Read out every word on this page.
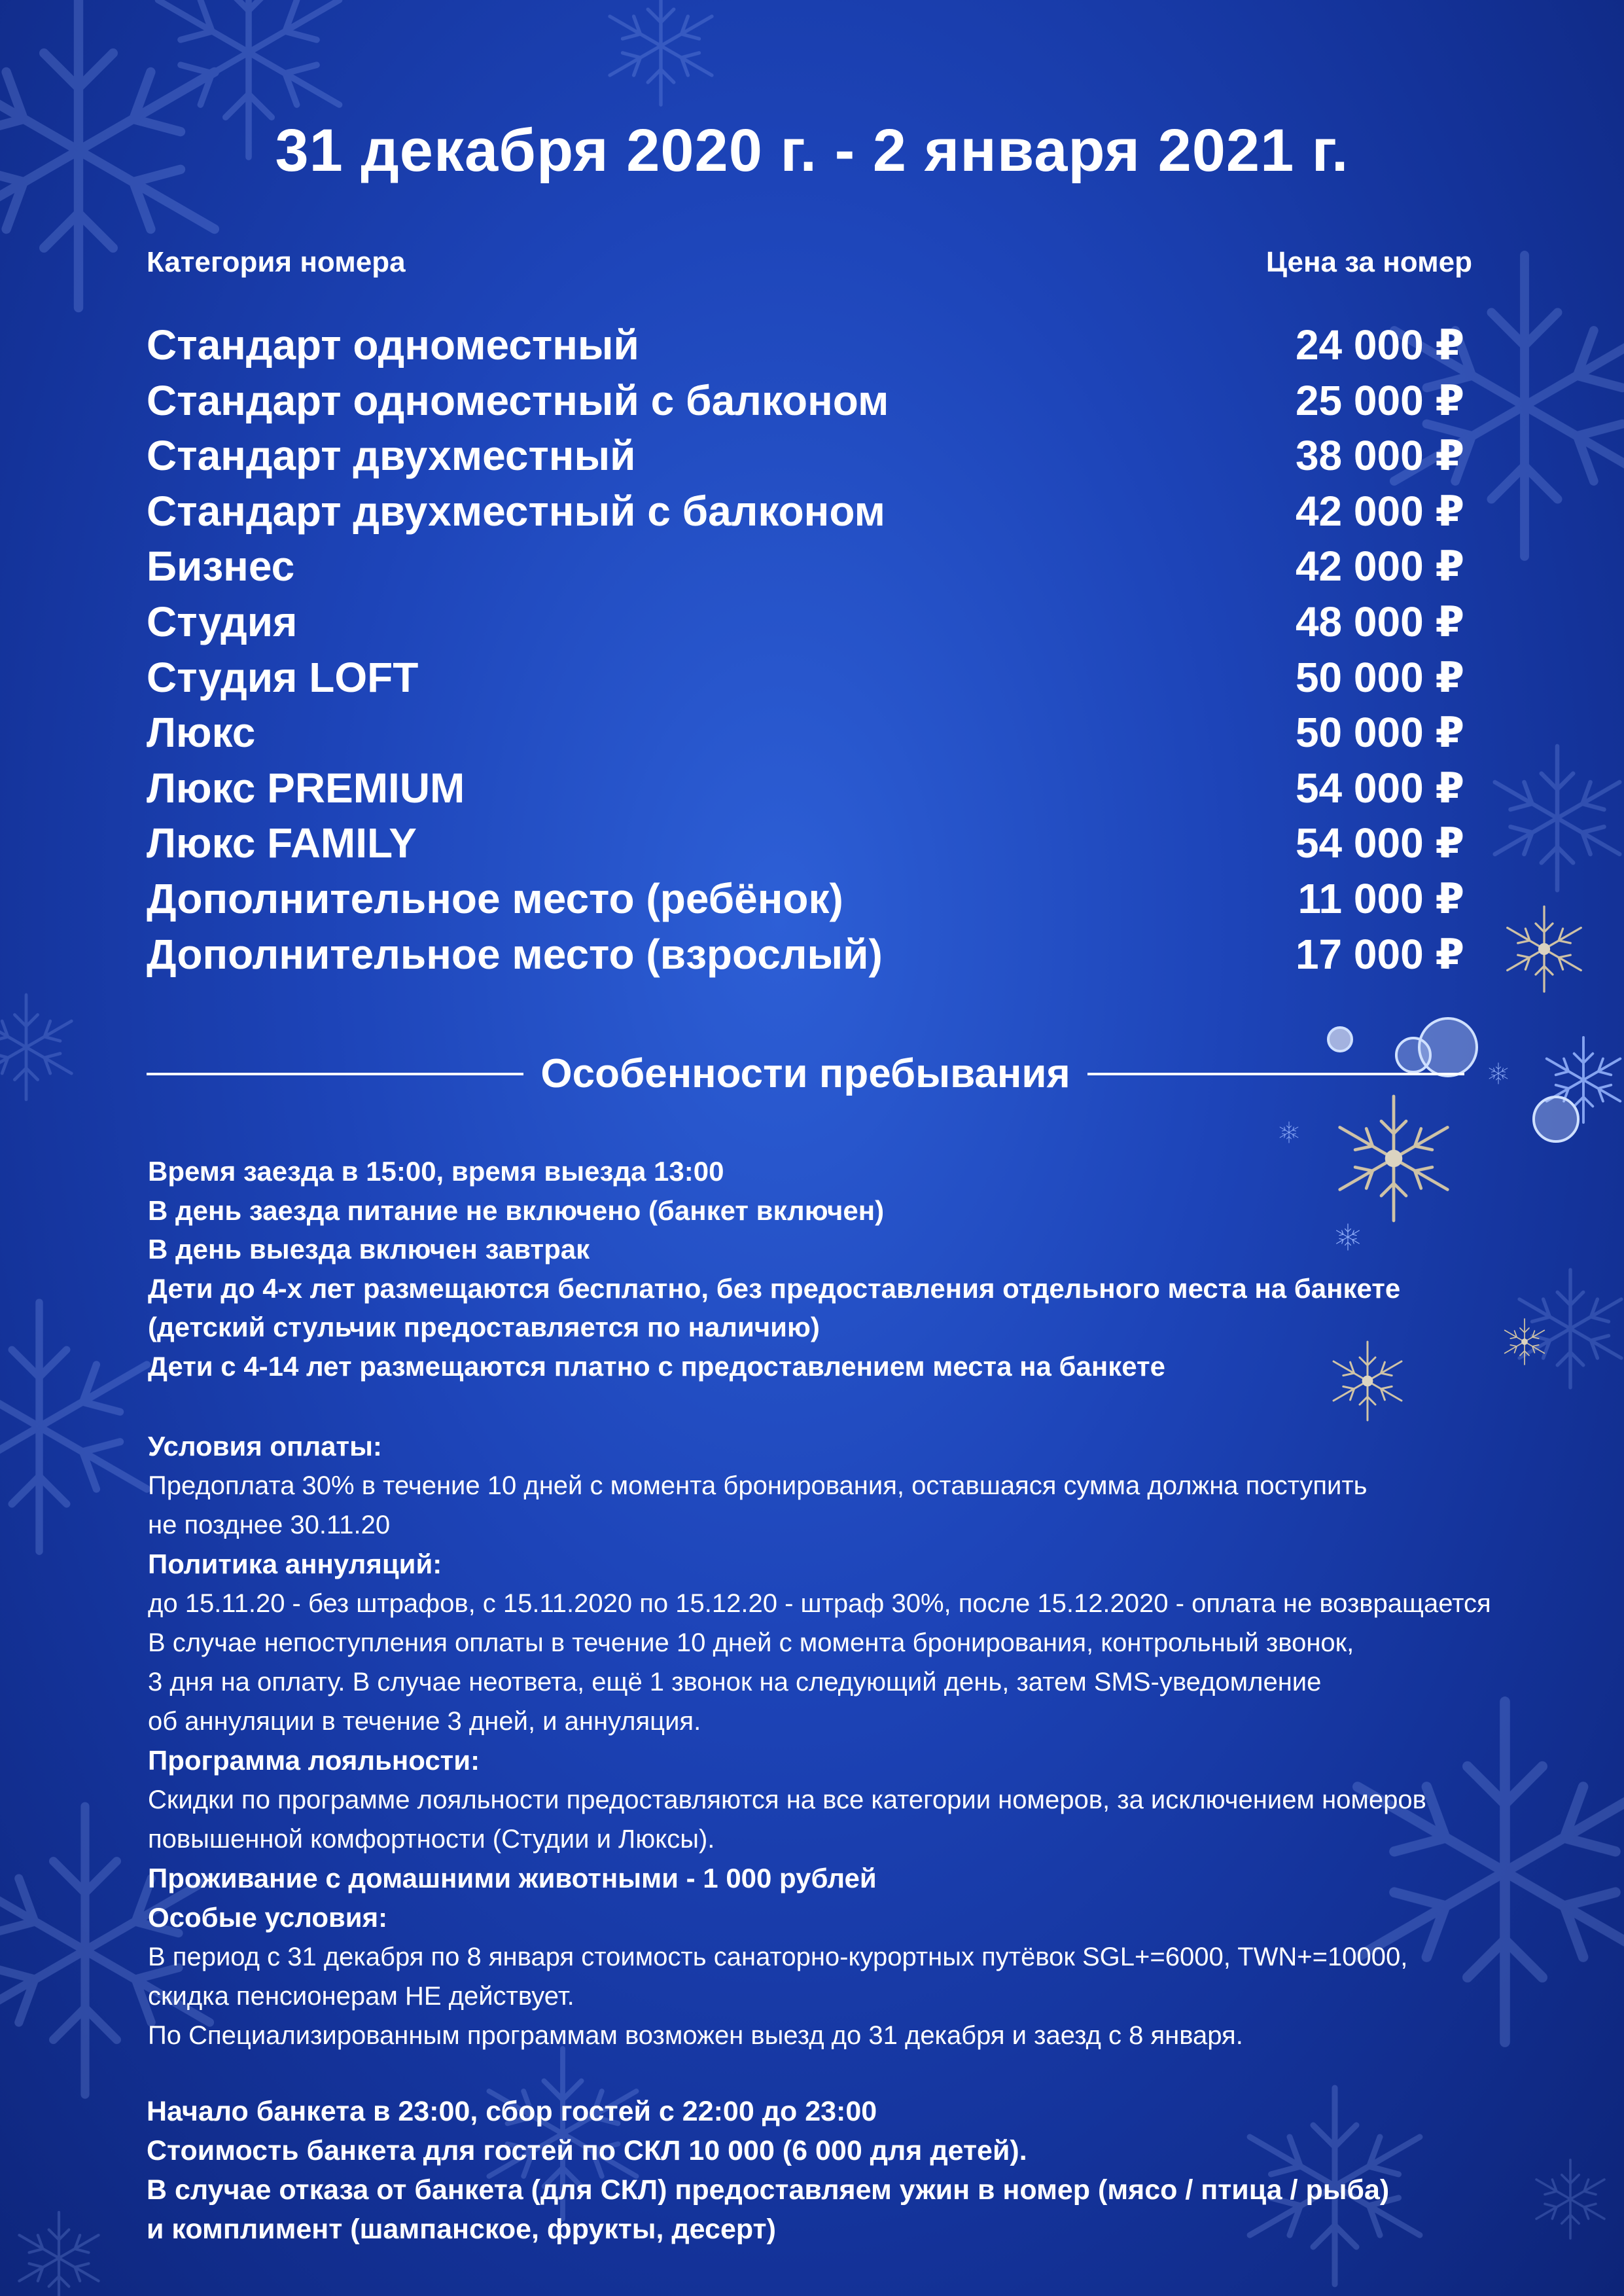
31 декабря 2020 г. - 2 января 2021 г.
Категория номера	Цена за номер
Стандарт одноместный	24 000 ₽
Стандарт одноместный с балконом	25 000 ₽
Стандарт двухместный	38 000 ₽
Стандарт двухместный с балконом	42 000 ₽
Бизнес	42 000 ₽
Студия	48 000 ₽
Студия LOFT	50 000 ₽
Люкс	50 000 ₽
Люкс PREMIUM	54 000 ₽
Люкс FAMILY	54 000 ₽
Дополнительное место (ребёнок)	11 000 ₽
Дополнительное место (взрослый)	17 000 ₽
Особенности пребывания
Время заезда в 15:00, время выезда 13:00
В день заезда питание не включено (банкет включен)
В день выезда включен завтрак
Дети до 4-х лет размещаются бесплатно, без предоставления отдельного места на банкете
(детский стульчик предоставляется по наличию)
Дети с 4-14 лет размещаются платно с предоставлением места на банкете
Условия оплаты:
Предоплата 30% в течение 10 дней с момента бронирования, оставшаяся сумма должна поступить
не позднее 30.11.20
Политика аннуляций:
до 15.11.20 - без штрафов, с 15.11.2020 по 15.12.20 - штраф 30%, после 15.12.2020 - оплата не возвращается
В случае непоступления оплаты в течение 10 дней с момента бронирования, контрольный звонок,
3 дня на оплату. В случае неответа, ещё 1 звонок на следующий день, затем SMS-уведомление
об аннуляции в течение 3 дней, и аннуляция.
Программа лояльности:
Скидки по программе лояльности предоставляются на все категории номеров, за исключением номеров
повышенной комфортности (Студии и Люксы).
Проживание с домашними животными - 1 000 рублей
Особые условия:
В период с 31 декабря по 8 января стоимость санаторно-курортных путёвок SGL+=6000, TWN+=10000,
скидка пенсионерам НЕ действует.
По Специализированным программам возможен выезд до 31 декабря и заезд с 8 января.
Начало банкета в 23:00, сбор гостей с 22:00 до 23:00
Стоимость банкета для гостей по СКЛ 10 000 (6 000 для детей).
В случае отказа от банкета (для СКЛ) предоставляем ужин в номер (мясо / птица / рыба)
и комплимент (шампанское, фрукты, десерт)
